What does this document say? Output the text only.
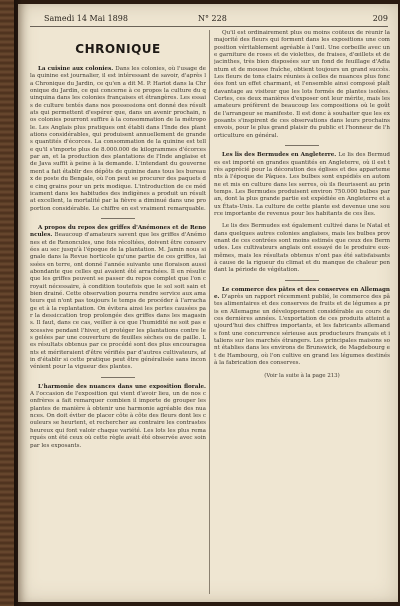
Samedi 14 Mai 1898	N° 228	209
CHRONIQUE

La cuisine aux colonies. Dans les colonies, où l'usage de la quinine est journalier, il est intéressant de savoir, d'après la Chronique du Jardin, ce qu'en a dit M. P. Hariot dans la Chronique du Jardin, ce qui concerne à ce propos la culture du quinquina dans les colonies françaises et étrangères. Les essais de culture tentés dans nos possessions ont donné des résultats qui permettent d'espérer que, dans un avenir prochain, nos colonies pourront suffire à la consommation de la métropole. Les Anglais plus pratiques ont établi dans l'Inde des plantations considérables, qui produisent annuellement de grandes quantités d'écorces. La consommation de la quinine est telle qu'il s'importe plus de 8.000.000 de kilogrammes d'écorces par an, et la production des plantations de l'Inde anglaise et de Java suffit à peine à la demande. L'intendant du gouvernement a fait établir des dépôts de quinine dans tous les bureaux de poste du Bengale, où l'on peut se procurer des paquets de cinq grains pour un prix modique. L'introduction de ce médicament dans les habitudes des indigènes a produit un résultat excellent, la mortalité par la fièvre a diminué dans une proportion considérable. Le chiffre en est vraiment remarquable.

A propos du repos des griffes d'Anémones et de Renoncules. Beaucoup d'amateurs savent que les griffes d'Anémones et de Renoncules, une fois récoltées, doivent être conservées au sec jusqu'à l'époque de la plantation. M. Jamin nous signale dans la Revue horticole qu'une partie de ces griffes, laissées en terre, ont donné l'année suivante une floraison aussi abondante que celles qui avaient été arrachées. Il en résulte que les griffes peuvent se passer du repos complet que l'on croyait nécessaire, à condition toutefois que le sol soit sain et bien drainé. Cette observation pourra rendre service aux amateurs qui n'ont pas toujours le temps de procéder à l'arrachage et à la replantation. On évitera ainsi les pertes causées par la dessiccation trop prolongée des griffes dans les magasins. Il faut, dans ce cas, veiller à ce que l'humidité ne soit pas excessive pendant l'hiver, et protéger les plantations contre les gelées par une couverture de feuilles sèches ou de paille. Les résultats obtenus par ce procédé sont des plus encourageants et mériteraient d'être vérifiés par d'autres cultivateurs, afin d'établir si cette pratique peut être généralisée sans inconvénient pour la vigueur des plantes.

L'harmonie des nuances dans une exposition florale. A l'occasion de l'exposition qui vient d'avoir lieu, un de nos confrères a fait remarquer combien il importe de grouper les plantes de manière à obtenir une harmonie agréable des nuances. On doit éviter de placer côte à côte des fleurs dont les couleurs se heurtent, et rechercher au contraire les contrastes heureux qui font valoir chaque variété. Les lots les plus remarqués ont été ceux où cette règle avait été observée avec soin par les exposants.

Qu'il est ordinairement plus ou moins coûteux de réunir la majorité des fleurs qui forment dans les expositions une composition véritablement agréable à l'œil. Une corbeille avec une garniture de roses et de violettes, de fraises, d'œillets et de jacinthes, très bien disposées sur un fond de feuillage d'Adiantum et de mousse fraîche, obtient toujours un grand succès. Les fleurs de tons clairs réunies à celles de nuances plus foncées font un effet charmant, et l'ensemble ainsi composé plaît davantage au visiteur que les lots formés de plantes isolées. Certes, ces deux manières d'exposer ont leur mérite, mais les amateurs préfèrent de beaucoup les compositions où le goût de l'arrangeur se manifeste. Il est donc à souhaiter que les exposants s'inspirent de ces observations dans leurs prochains envois, pour le plus grand plaisir du public et l'honneur de l'horticulture en général.

Les lis des Bermudes en Angleterre. Le lis des Bermudes est importé en grandes quantités en Angleterre, où il est très apprécié pour la décoration des églises et des appartements à l'époque de Pâques. Les bulbes sont expédiés en automne et mis en culture dans les serres, où ils fleurissent au printemps. Les Bermudes produisent environ 750.000 bulbes par an, dont la plus grande partie est expédiée en Angleterre et aux États-Unis. La culture de cette plante est devenue une source importante de revenus pour les habitants de ces îles.

Le lis des Bermudes est également cultivé dans le Natal et dans quelques autres colonies anglaises, mais les bulbes provenant de ces contrées sont moins estimés que ceux des Bermudes. Les cultivateurs anglais ont essayé de le produire eux-mêmes, mais les résultats obtenus n'ont pas été satisfaisants à cause de la rigueur du climat et du manque de chaleur pendant la période de végétation.

Le commerce des pâtes et des conserves en Allemagne. D'après un rapport récemment publié, le commerce des pâtes alimentaires et des conserves de fruits et de légumes a pris en Allemagne un développement considérable au cours de ces dernières années. L'exportation de ces produits atteint aujourd'hui des chiffres importants, et les fabricants allemands font une concurrence sérieuse aux producteurs français et italiens sur les marchés étrangers. Les principales maisons sont établies dans les environs de Brunswick, de Magdebourg et de Hambourg, où l'on cultive en grand les légumes destinés à la fabrication des conserves.

(Voir la suite à la page 213)
